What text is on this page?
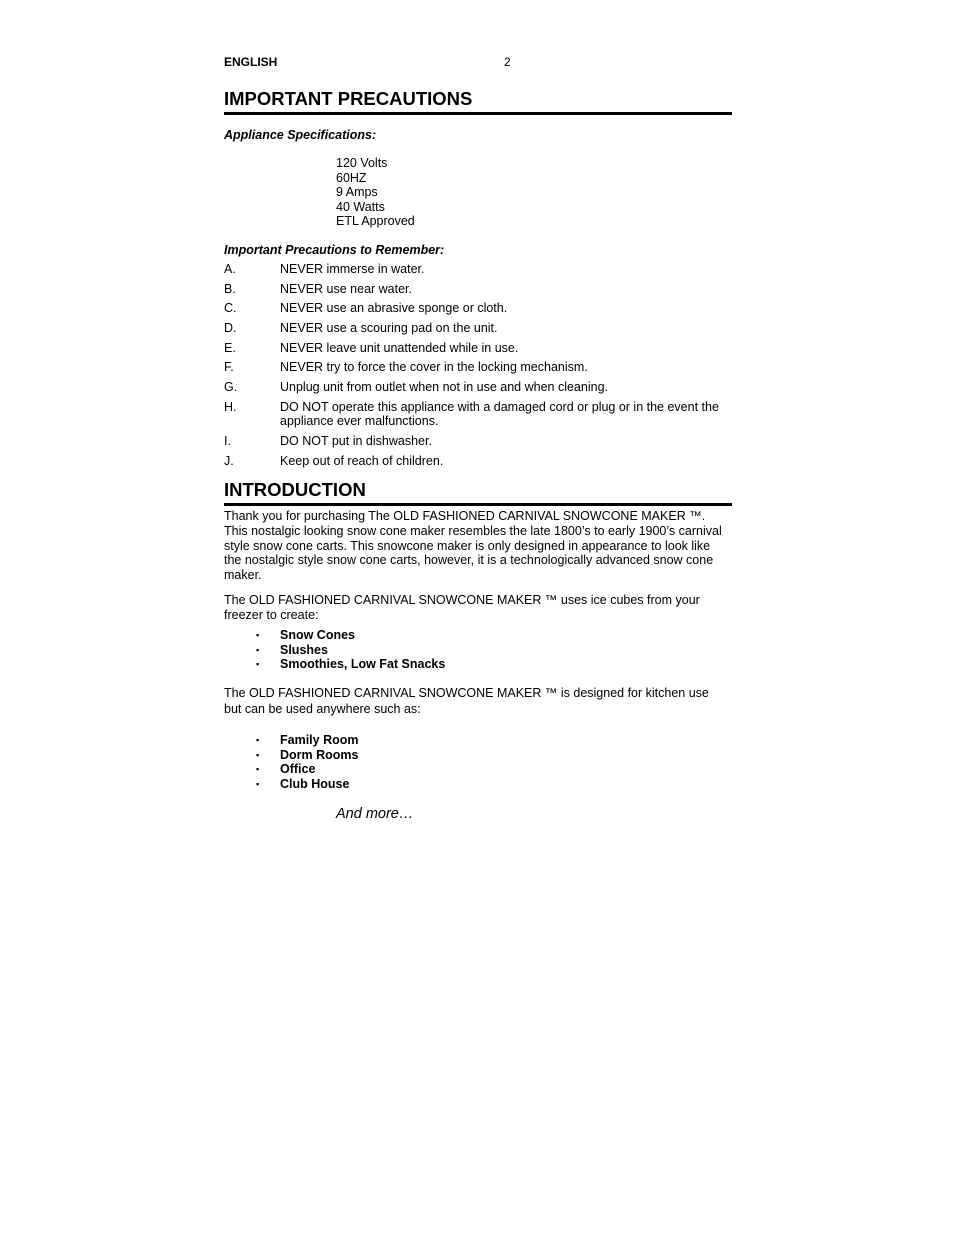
ENGLISH	2
IMPORTANT PRECAUTIONS
Appliance Specifications:
120 Volts
60HZ
9 Amps
40 Watts
ETL Approved
Important Precautions to Remember:
A.	NEVER immerse in water.
B.	NEVER use near water.
C.	NEVER use an abrasive sponge or cloth.
D.	NEVER use a scouring pad on the unit.
E.	NEVER leave unit unattended while in use.
F.	NEVER try to force the cover in the locking mechanism.
G.	Unplug unit from outlet when not in use and when cleaning.
H.	DO NOT operate this appliance with a damaged cord or plug or in the event the appliance ever malfunctions.
I.	DO NOT put in dishwasher.
J.	Keep out of reach of children.
INTRODUCTION
Thank you for purchasing The OLD FASHIONED CARNIVAL SNOWCONE MAKER ™. This nostalgic looking snow cone maker resembles the late 1800’s to early 1900’s carnival style snow cone carts. This snowcone maker is only designed in appearance to look like the nostalgic style snow cone carts, however, it is a technologically advanced snow cone maker.
The OLD FASHIONED CARNIVAL SNOWCONE MAKER ™ uses ice cubes from your freezer to create:
▪	Snow Cones
▪	Slushes
▪	Smoothies, Low Fat Snacks
The OLD FASHIONED CARNIVAL SNOWCONE MAKER ™ is designed for kitchen use but can be used anywhere such as:
▪	Family Room
▪	Dorm Rooms
▪	Office
▪	Club House
And more…
